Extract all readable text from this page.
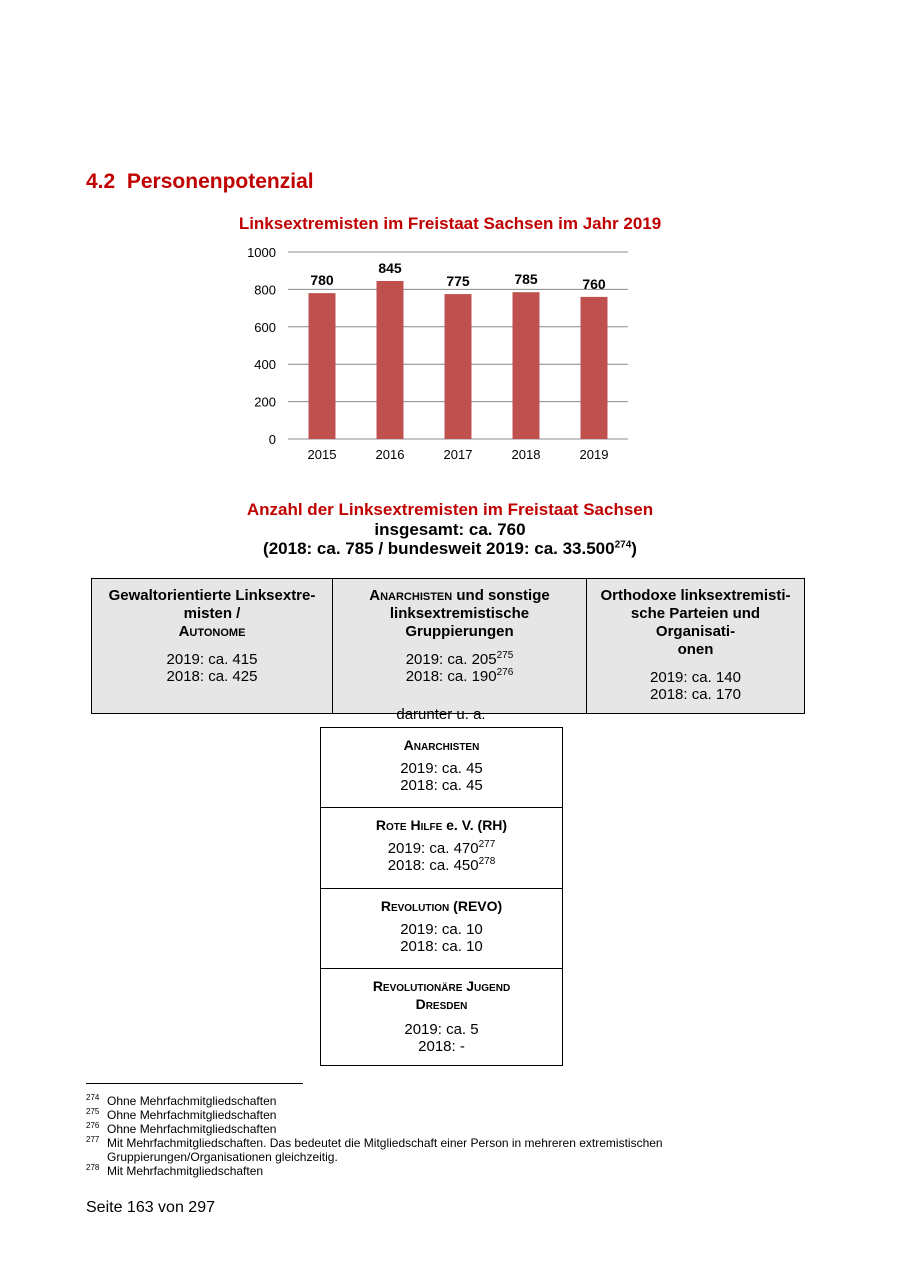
4.2 Personenpotenzial
Linksextremisten im Freistaat Sachsen im Jahr 2019
0
200
400
600
800
1000
780
2015
845
2016
775
2017
785
2018
760
2019
Anzahl der Linksextremisten im Freistaat Sachsen
insgesamt: ca. 760
(2018: ca. 785 / bundesweit 2019: ca. 33.500$^{274}$)
Gewaltorientierte Linksextre-
misten /
Autonome
2019: ca. 415
2018: ca. 425

Anarchisten und sonstige
linksextremistische
Gruppierungen
2019: ca. $205^{275}$
2018: ca. $190^{276}$

Orthodoxe linksextremisti-
sche Parteien und Organisati-
onen
2019: ca. 140
2018: ca. 170
darunter u. a.
Anarchisten
2019: ca. 45
2018: ca. 45

Rote Hilfe e. V. (RH)
2019: ca. $470^{277}$
2018: ca. $450^{278}$

Revolution (REVO)
2019: ca. 10
2018: ca. 10

Revolutionäre Jugend
Dresden
2019: ca. 5
2018: -
274 Ohne Mehrfachmitgliedschaften
275 Ohne Mehrfachmitgliedschaften
276 Ohne Mehrfachmitgliedschaften
277 Mit Mehrfachmitgliedschaften. Das bedeutet die Mitgliedschaft einer Person in mehreren extremistischen Gruppierungen/Organisationen gleichzeitig.
278 Mit Mehrfachmitgliedschaften
Seite 163 von 297
